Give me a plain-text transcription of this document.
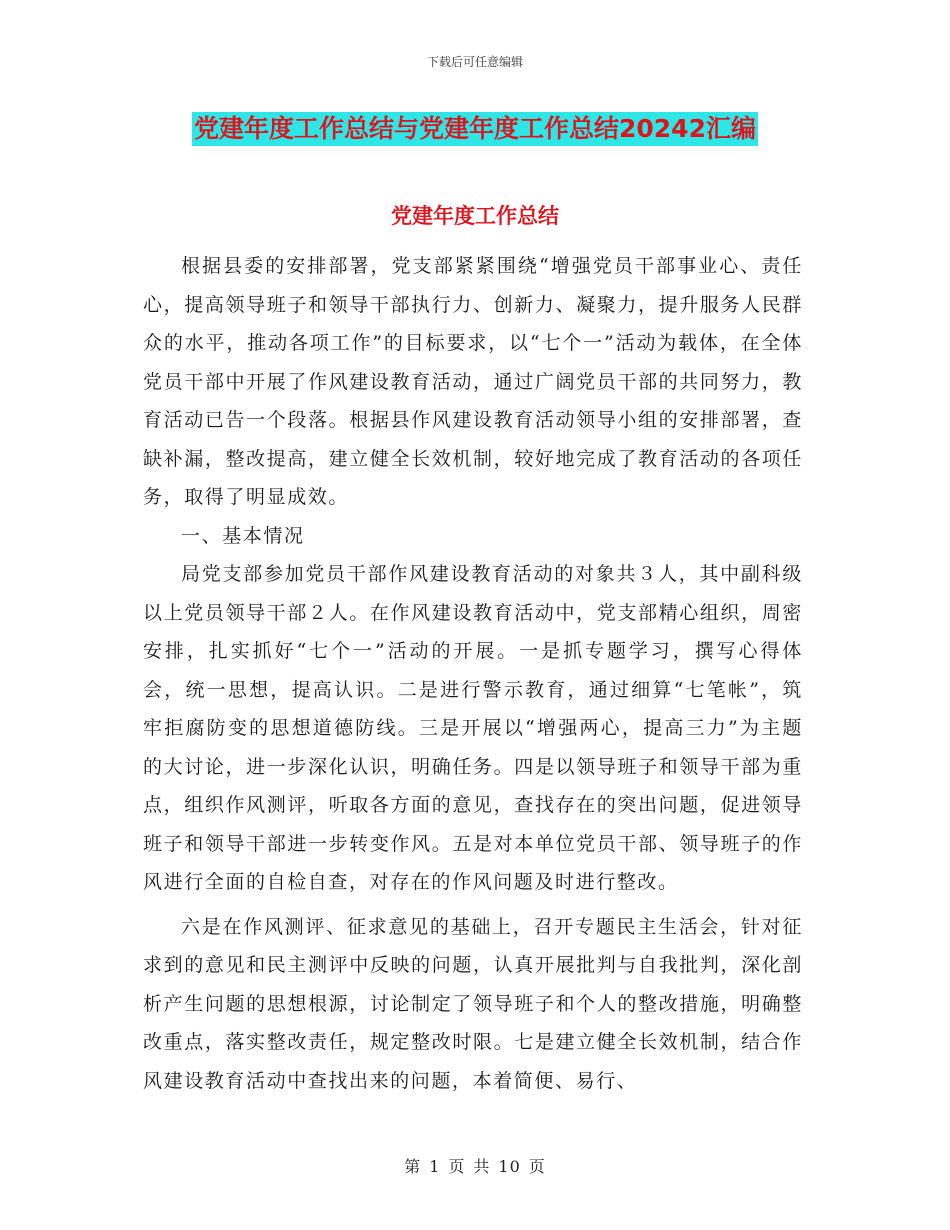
下载后可任意编辑
党建年度工作总结与党建年度工作总结20242汇编
党建年度工作总结

根据县委的安排部署，党支部紧紧围绕“增强党员干部事业心、责任心，提高领导班子和领导干部执行力、创新力、凝聚力，提升服务人民群众的水平，推动各项工作”的目标要求，以“七个一”活动为载体，在全体党员干部中开展了作风建设教育活动，通过广阔党员干部的共同努力，教育活动已告一个段落。根据县作风建设教育活动领导小组的安排部署，查缺补漏，整改提高，建立健全长效机制，较好地完成了教育活动的各项任务，取得了明显成效。

一、基本情况

局党支部参加党员干部作风建设教育活动的对象共３人，其中副科级以上党员领导干部２人。在作风建设教育活动中，党支部精心组织，周密安排，扎实抓好“七个一”活动的开展。一是抓专题学习，撰写心得体会，统一思想，提高认识。二是进行警示教育，通过细算“七笔帐”，筑牢拒腐防变的思想道德防线。三是开展以“增强两心，提高三力”为主题的大讨论，进一步深化认识，明确任务。四是以领导班子和领导干部为重点，组织作风测评，听取各方面的意见，查找存在的突出问题，促进领导班子和领导干部进一步转变作风。五是对本单位党员干部、领导班子的作风进行全面的自检自查，对存在的作风问题及时进行整改。

六是在作风测评、征求意见的基础上，召开专题民主生活会，针对征求到的意见和民主测评中反映的问题，认真开展批判与自我批判，深化剖析产生问题的思想根源，讨论制定了领导班子和个人的整改措施，明确整改重点，落实整改责任，规定整改时限。七是建立健全长效机制，结合作风建设教育活动中查找出来的问题，本着简便、易行、

第 1 页 共 10 页
